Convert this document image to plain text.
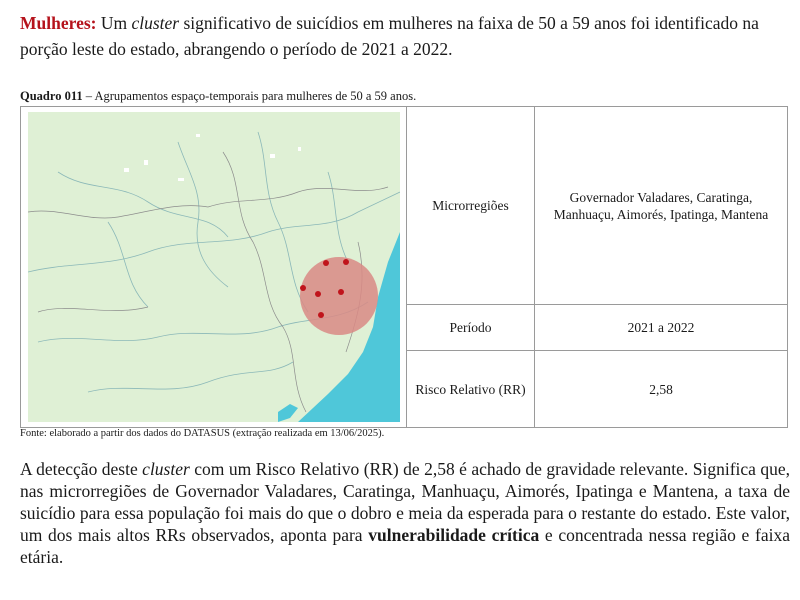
Mulheres: Um cluster significativo de suicídios em mulheres na faixa de 50 a 59 anos foi identificado na porção leste do estado, abrangendo o período de 2021 a 2022.

Quadro 011 – Agrupamentos espaço-temporais para mulheres de 50 a 59 anos.

Microrregiões
Governador Valadares, Caratinga, Manhuaçu, Aimorés, Ipatinga, Mantena
Período	2021 a 2022
Risco Relativo (RR)	2,58

Fonte: elaborado a partir dos dados do DATASUS (extração realizada em 13/06/2025).

A detecção deste cluster com um Risco Relativo (RR) de 2,58 é achado de gravidade relevante. Significa que, nas microrregiões de Governador Valadares, Caratinga, Manhuaçu, Aimorés, Ipatinga e Mantena, a taxa de suicídio para essa população foi mais do que o dobro e meia da esperada para o restante do estado. Este valor, um dos mais altos RRs observados, aponta para vulnerabilidade crítica e concentrada nessa região e faixa etária.
